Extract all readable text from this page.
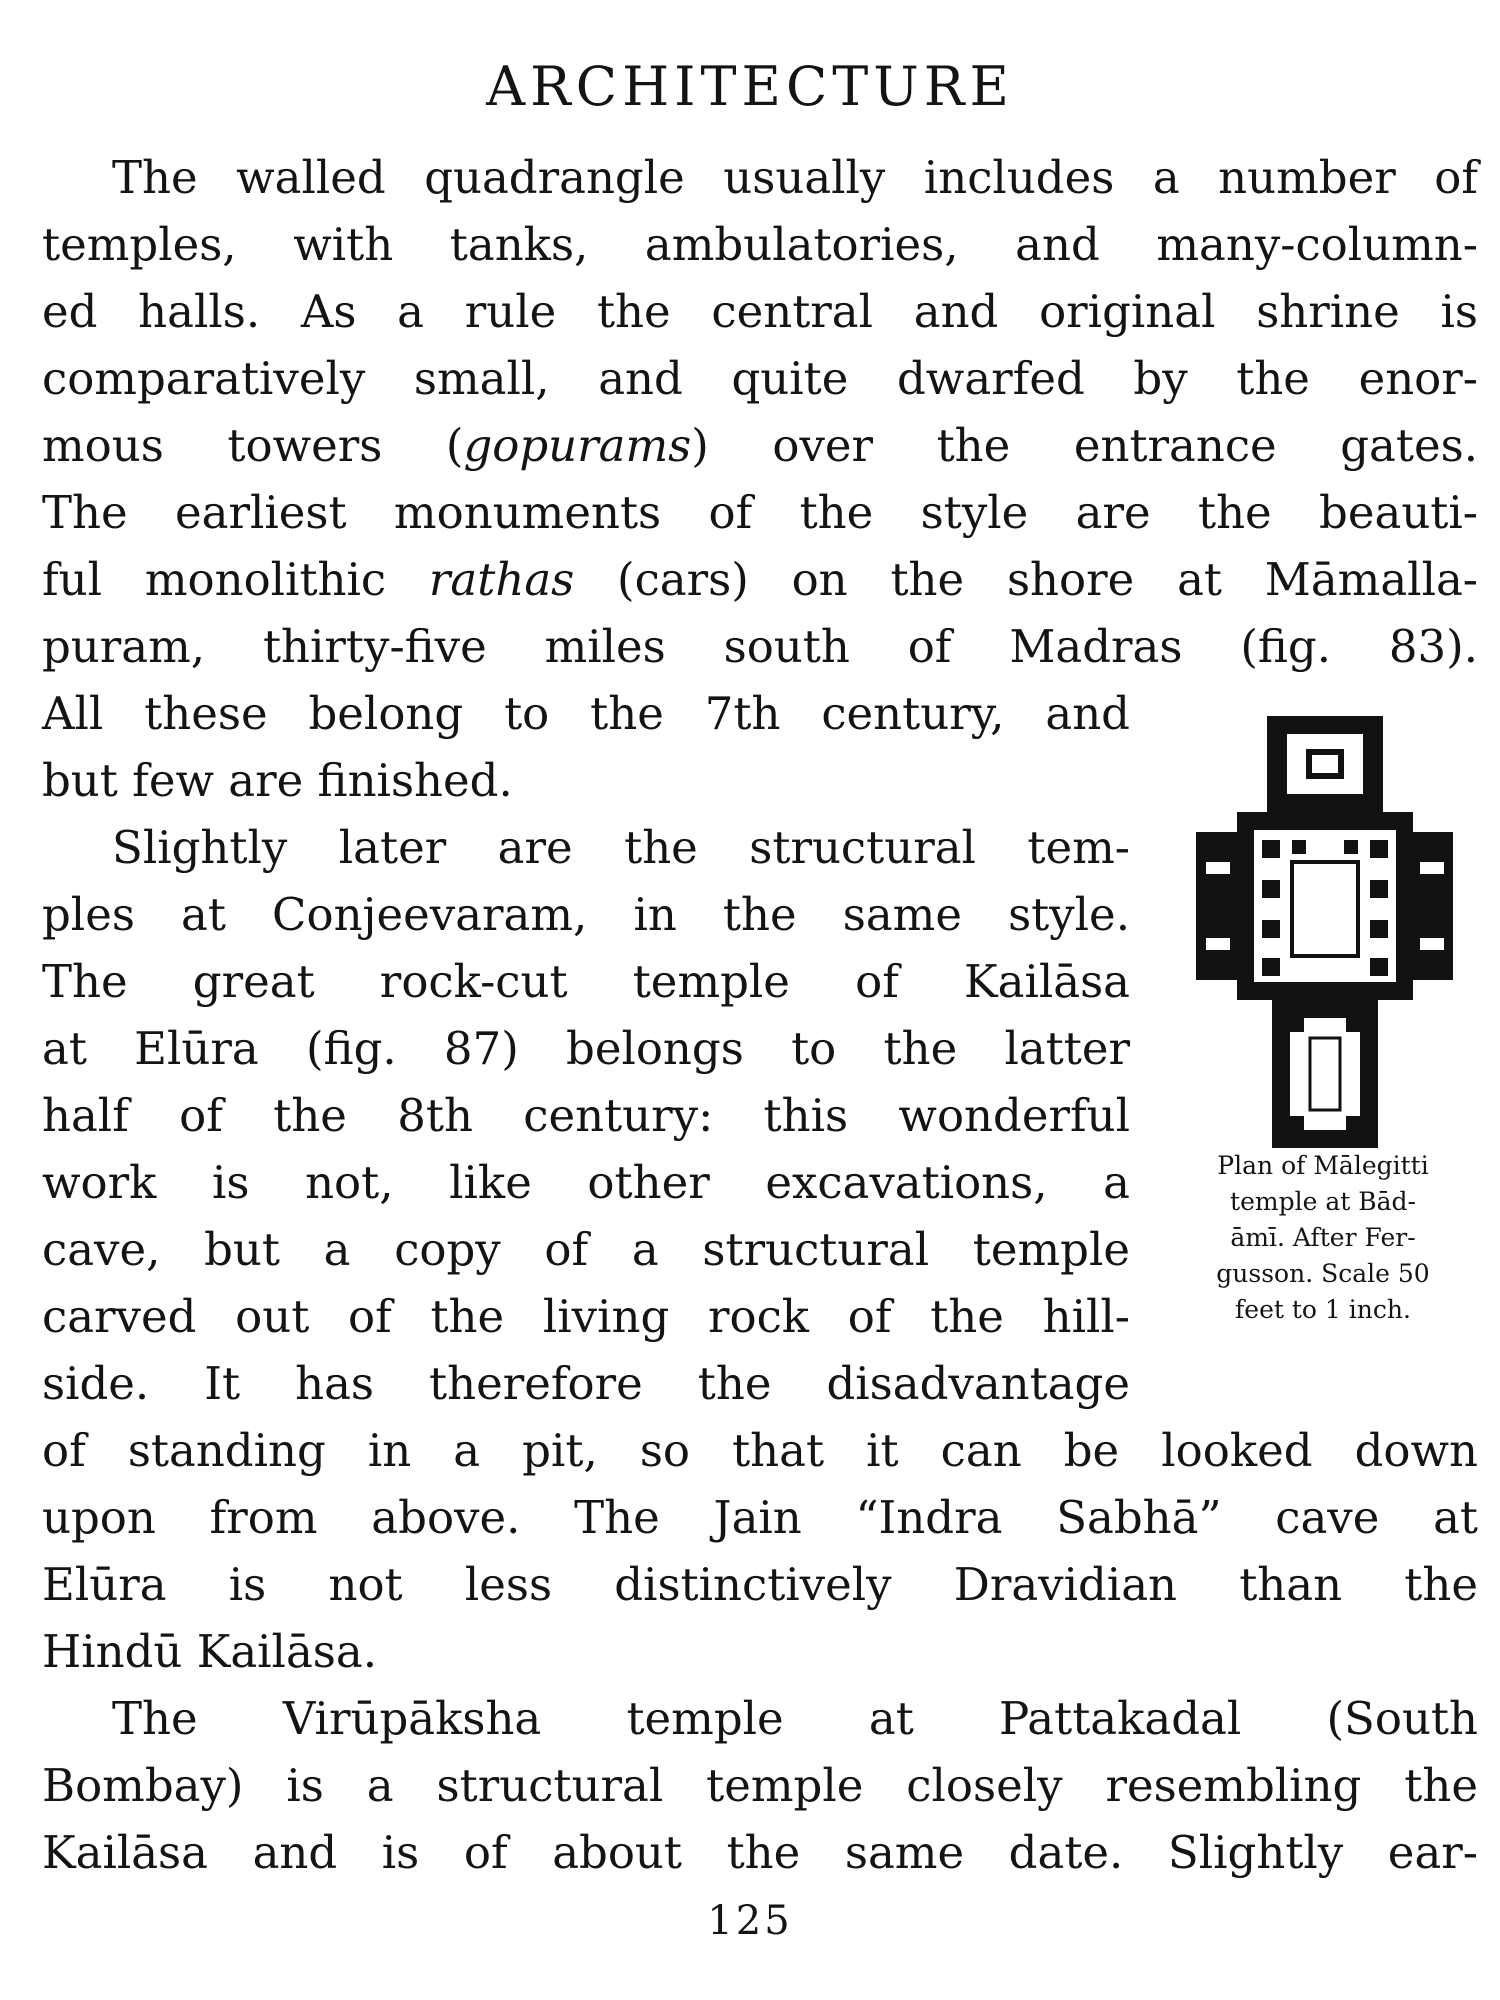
ARCHITECTURE
The walled quadrangle usually includes a number of
temples, with tanks, ambulatories, and many-column-
ed halls. As a rule the central and original shrine is
comparatively small, and quite dwarfed by the enor-
mous towers (gopurams) over the entrance gates.
The earliest monuments of the style are the beauti-
ful monolithic rathas (cars) on the shore at Māmalla-
puram, thirty-five miles south of Madras (fig. 83).
All these belong to the 7th century, and
but few are finished.
Slightly later are the structural tem-
ples at Conjeevaram, in the same style.
The great rock-cut temple of Kailāsa
at Elūra (fig. 87) belongs to the latter
half of the 8th century: this wonderful
work is not, like other excavations, a
cave, but a copy of a structural temple
carved out of the living rock of the hill-
side. It has therefore the disadvantage
of standing in a pit, so that it can be looked down
upon from above. The Jain “Indra Sabhā” cave at
Elūra is not less distinctively Dravidian than the
Hindū Kailāsa.
The Virūpāksha temple at Pattakadal (South
Bombay) is a structural temple closely resembling the
Kailāsa and is of about the same date. Slightly ear-
Plan of Mālegitti
temple at Bād-
āmī. After Fer-
gusson. Scale 50
feet to 1 inch.
125
